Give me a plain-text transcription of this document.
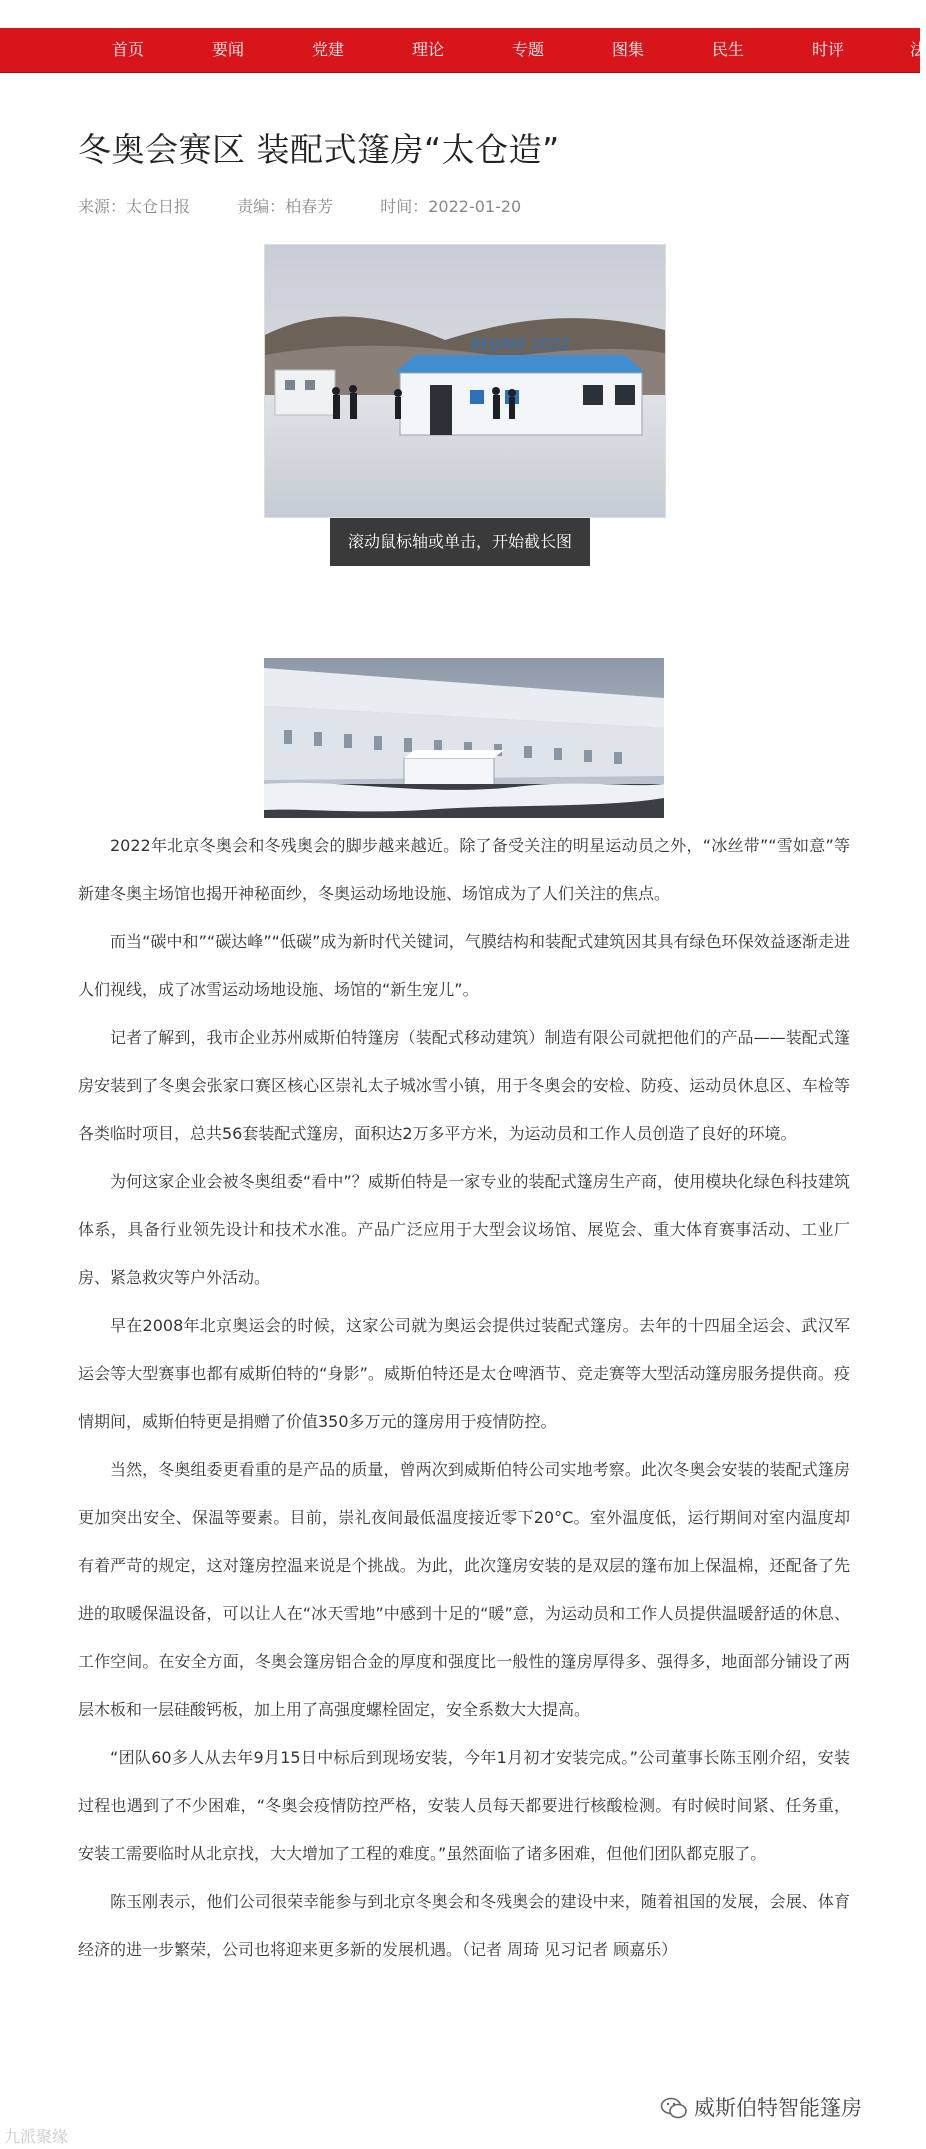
首页	要闻	党建	理论	专题	图集	民生	时评	法
冬奥会赛区 装配式篷房“太仓造”
来源：太仓日报	责编：柏春芳	时间：2022-01-20
BEIJING 2022
滚动鼠标轴或单击，开始截长图

2022年北京冬奥会和冬残奥会的脚步越来越近。除了备受关注的明星运动员之外，“冰丝带”“雪如意”等新建冬奥主场馆也揭开神秘面纱，冬奥运动场地设施、场馆成为了人们关注的焦点。

而当“碳中和”“碳达峰”“低碳”成为新时代关键词，气膜结构和装配式建筑因其具有绿色环保效益逐渐走进人们视线，成了冰雪运动场地设施、场馆的“新生宠儿”。

记者了解到，我市企业苏州威斯伯特篷房（装配式移动建筑）制造有限公司就把他们的产品——装配式篷房安装到了冬奥会张家口赛区核心区崇礼太子城冰雪小镇，用于冬奥会的安检、防疫、运动员休息区、车检等各类临时项目，总共56套装配式篷房，面积达2万多平方米，为运动员和工作人员创造了良好的环境。

为何这家企业会被冬奥组委“看中”？威斯伯特是一家专业的装配式篷房生产商，使用模块化绿色科技建筑体系，具备行业领先设计和技术水准。产品广泛应用于大型会议场馆、展览会、重大体育赛事活动、工业厂房、紧急救灾等户外活动。

早在2008年北京奥运会的时候，这家公司就为奥运会提供过装配式篷房。去年的十四届全运会、武汉军运会等大型赛事也都有威斯伯特的“身影”。威斯伯特还是太仓啤酒节、竞走赛等大型活动篷房服务提供商。疫情期间，威斯伯特更是捐赠了价值350多万元的篷房用于疫情防控。

当然，冬奥组委更看重的是产品的质量，曾两次到威斯伯特公司实地考察。此次冬奥会安装的装配式篷房更加突出安全、保温等要素。目前，崇礼夜间最低温度接近零下20°C。室外温度低，运行期间对室内温度却有着严苛的规定，这对篷房控温来说是个挑战。为此，此次篷房安装的是双层的篷布加上保温棉，还配备了先进的取暖保温设备，可以让人在“冰天雪地”中感到十足的“暖”意，为运动员和工作人员提供温暖舒适的休息、工作空间。在安全方面，冬奥会篷房铝合金的厚度和强度比一般性的篷房厚得多、强得多，地面部分铺设了两层木板和一层硅酸钙板，加上用了高强度螺栓固定，安全系数大大提高。

“团队60多人从去年9月15日中标后到现场安装，今年1月初才安装完成。”公司董事长陈玉刚介绍，安装过程也遇到了不少困难，“冬奥会疫情防控严格，安装人员每天都要进行核酸检测。有时候时间紧、任务重，安装工需要临时从北京找，大大增加了工程的难度。”虽然面临了诸多困难，但他们团队都克服了。

陈玉刚表示，他们公司很荣幸能参与到北京冬奥会和冬残奥会的建设中来，随着祖国的发展，会展、体育经济的进一步繁荣，公司也将迎来更多新的发展机遇。（记者 周琦 见习记者 顾嘉乐）

威斯伯特智能篷房
九派聚缘
